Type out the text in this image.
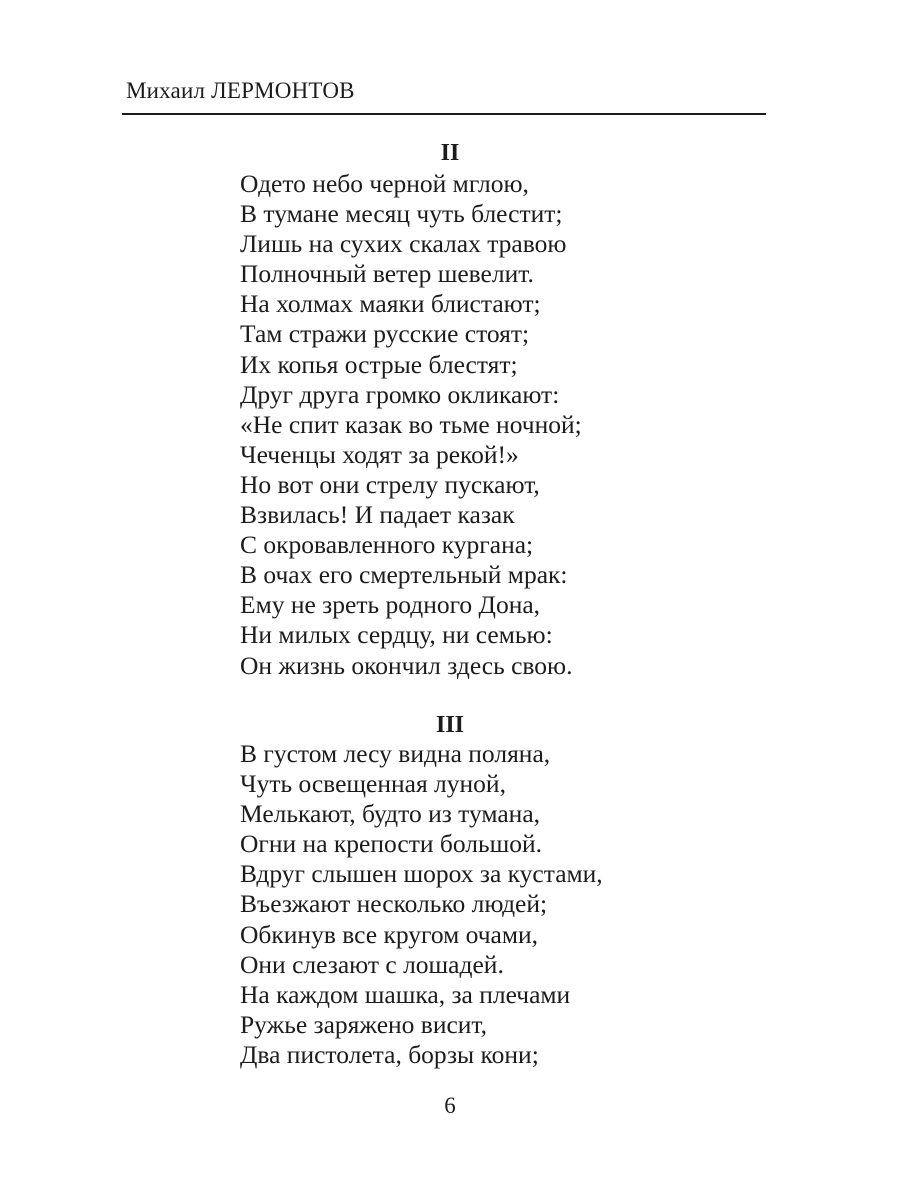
Михаил ЛЕРМОНТОВ
II
Одето небо черной мглою,
В тумане месяц чуть блестит;
Лишь на сухих скалах травою
Полночный ветер шевелит.
На холмах маяки блистают;
Там стражи русские стоят;
Их копья острые блестят;
Друг друга громко окликают:
«Не спит казак во тьме ночной;
Чеченцы ходят за рекой!»
Но вот они стрелу пускают,
Взвилась! И падает казак
С окровавленного кургана;
В очах его смертельный мрак:
Ему не зреть родного Дона,
Ни милых сердцу, ни семью:
Он жизнь окончил здесь свою.
III
В густом лесу видна поляна,
Чуть освещенная луной,
Мелькают, будто из тумана,
Огни на крепости большой.
Вдруг слышен шорох за кустами,
Въезжают несколько людей;
Обкинув все кругом очами,
Они слезают с лошадей.
На каждом шашка, за плечами
Ружье заряжено висит,
Два пистолета, борзы кони;
6
